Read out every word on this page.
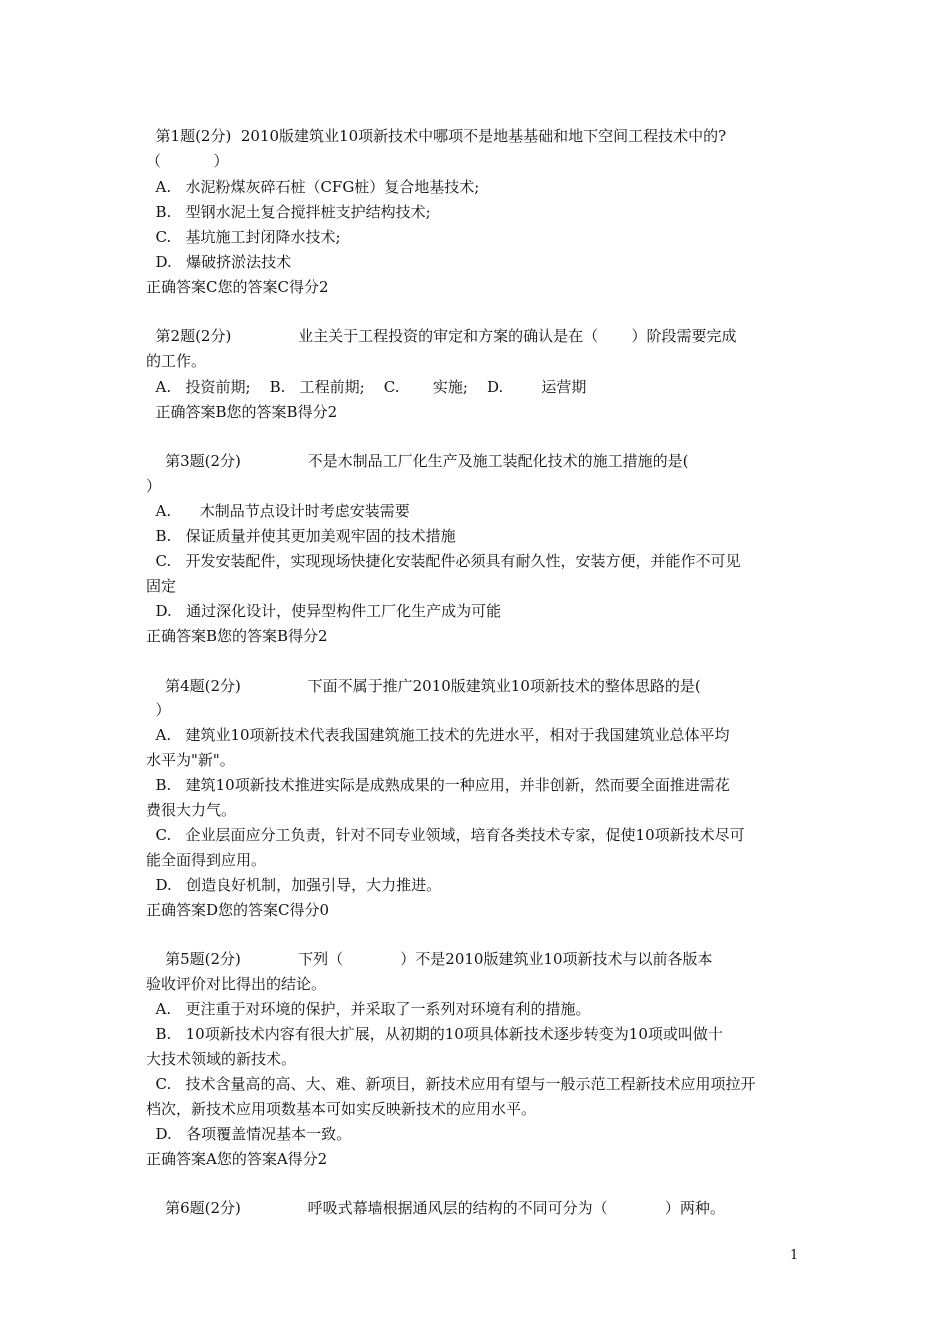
第1题(2分)  2010版建筑业10项新技术中哪项不是地基基础和地下空间工程技术中的?
（           ）
A.   水泥粉煤灰碎石桩（CFG桩）复合地基技术;
B.   型钢水泥土复合搅拌桩支护结构技术;
C.   基坑施工封闭降水技术;
D.   爆破挤淤法技术
正确答案C您的答案C得分2
第2题(2分)              业主关于工程投资的审定和方案的确认是在（       ）阶段需要完成
的工作。
A.   投资前期;    B.   工程前期;    C.       实施;    D.        运营期
正确答案B您的答案B得分2
第3题(2分)              不是木制品工厂化生产及施工装配化技术的施工措施的是(
）
A.      木制品节点设计时考虑安装需要
B.   保证质量并使其更加美观牢固的技术措施
C.   开发安装配件，实现现场快捷化安装配件必须具有耐久性，安装方便，并能作不可见
固定
D.   通过深化设计，使异型构件工厂化生产成为可能
正确答案B您的答案B得分2
第4题(2分)              下面不属于推广2010版建筑业10项新技术的整体思路的是(
）
A.   建筑业10项新技术代表我国建筑施工技术的先进水平，相对于我国建筑业总体平均
水平为"新"。
B.   建筑10项新技术推进实际是成熟成果的一种应用，并非创新，然而要全面推进需花
费很大力气。
C.   企业层面应分工负责，针对不同专业领域，培育各类技术专家，促使10项新技术尽可
能全面得到应用。
D.   创造良好机制，加强引导，大力推进。
正确答案D您的答案C得分0
第5题(2分)            下列（            ）不是2010版建筑业10项新技术与以前各版本
验收评价对比得出的结论。
A.   更注重于对环境的保护，并采取了一系列对环境有利的措施。
B.   10项新技术内容有很大扩展，从初期的10项具体新技术逐步转变为10项或叫做十
大技术领域的新技术。
C.   技术含量高的高、大、难、新项目，新技术应用有望与一般示范工程新技术应用项拉开
档次，新技术应用项数基本可如实反映新技术的应用水平。
D.   各项覆盖情况基本一致。
正确答案A您的答案A得分2
第6题(2分)              呼吸式幕墙根据通风层的结构的不同可分为（            ）两种。
1
